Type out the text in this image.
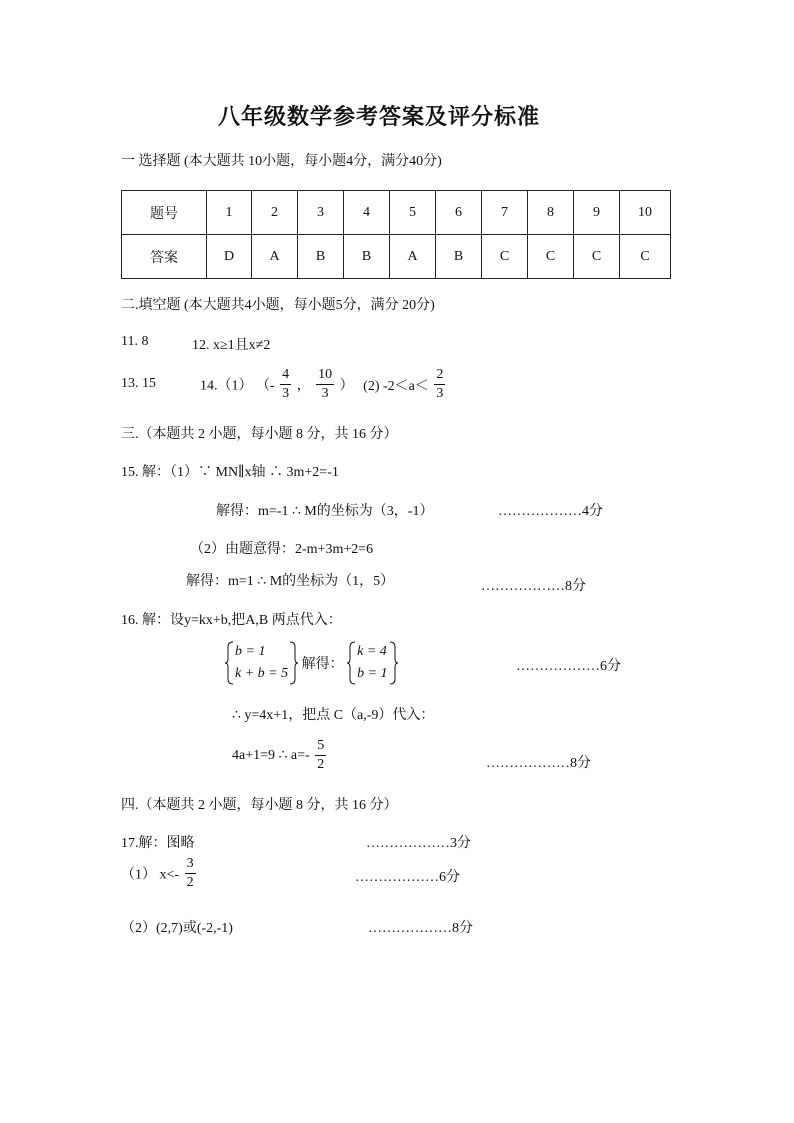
八年级数学参考答案及评分标准
一 选择题 (本大题共 10小题，每小题4分，满分40分)
题号	1	2	3	4	5	6	7	8	9	10
答案	D	A	B	B	A	B	C	C	C	C
二.填空题 (本大题共4小题，每小题5分，满分 20分)
11. 8	12. x≥1且x≠2
13. 15	14.（1） （- $\frac{4}{3}$ ， $\frac{10}{3}$ ） (2) $-2<a< \frac{2}{3}$
三.（本题共 2 小题，每小题 8 分，共 16 分）
15. 解：（1）∵ MN∥x轴 ∴ 3m+2=-1
解得：m=-1 ∴ M的坐标为（3，-1）	………………4分
（2）由题意得：2-m+3m+2=6
解得：m=1 ∴ M的坐标为（1，5）	………………8分
16. 解：设y=kx+b,把A,B 两点代入：
b = 1
k + b = 5
解得：
k = 4
b = 1	………………6分
∴ y=4x+1，把点 C（a,-9）代入：
4a+1=9 ∴ $a=- \frac{5}{2}$	………………8分
四.（本题共 2 小题，每小题 8 分，共 16 分）
17.解：图略	………………3分
（1） $x<- \frac{3}{2}$	………………6分
（2）(2,7)或(-2,-1)	………………8分
